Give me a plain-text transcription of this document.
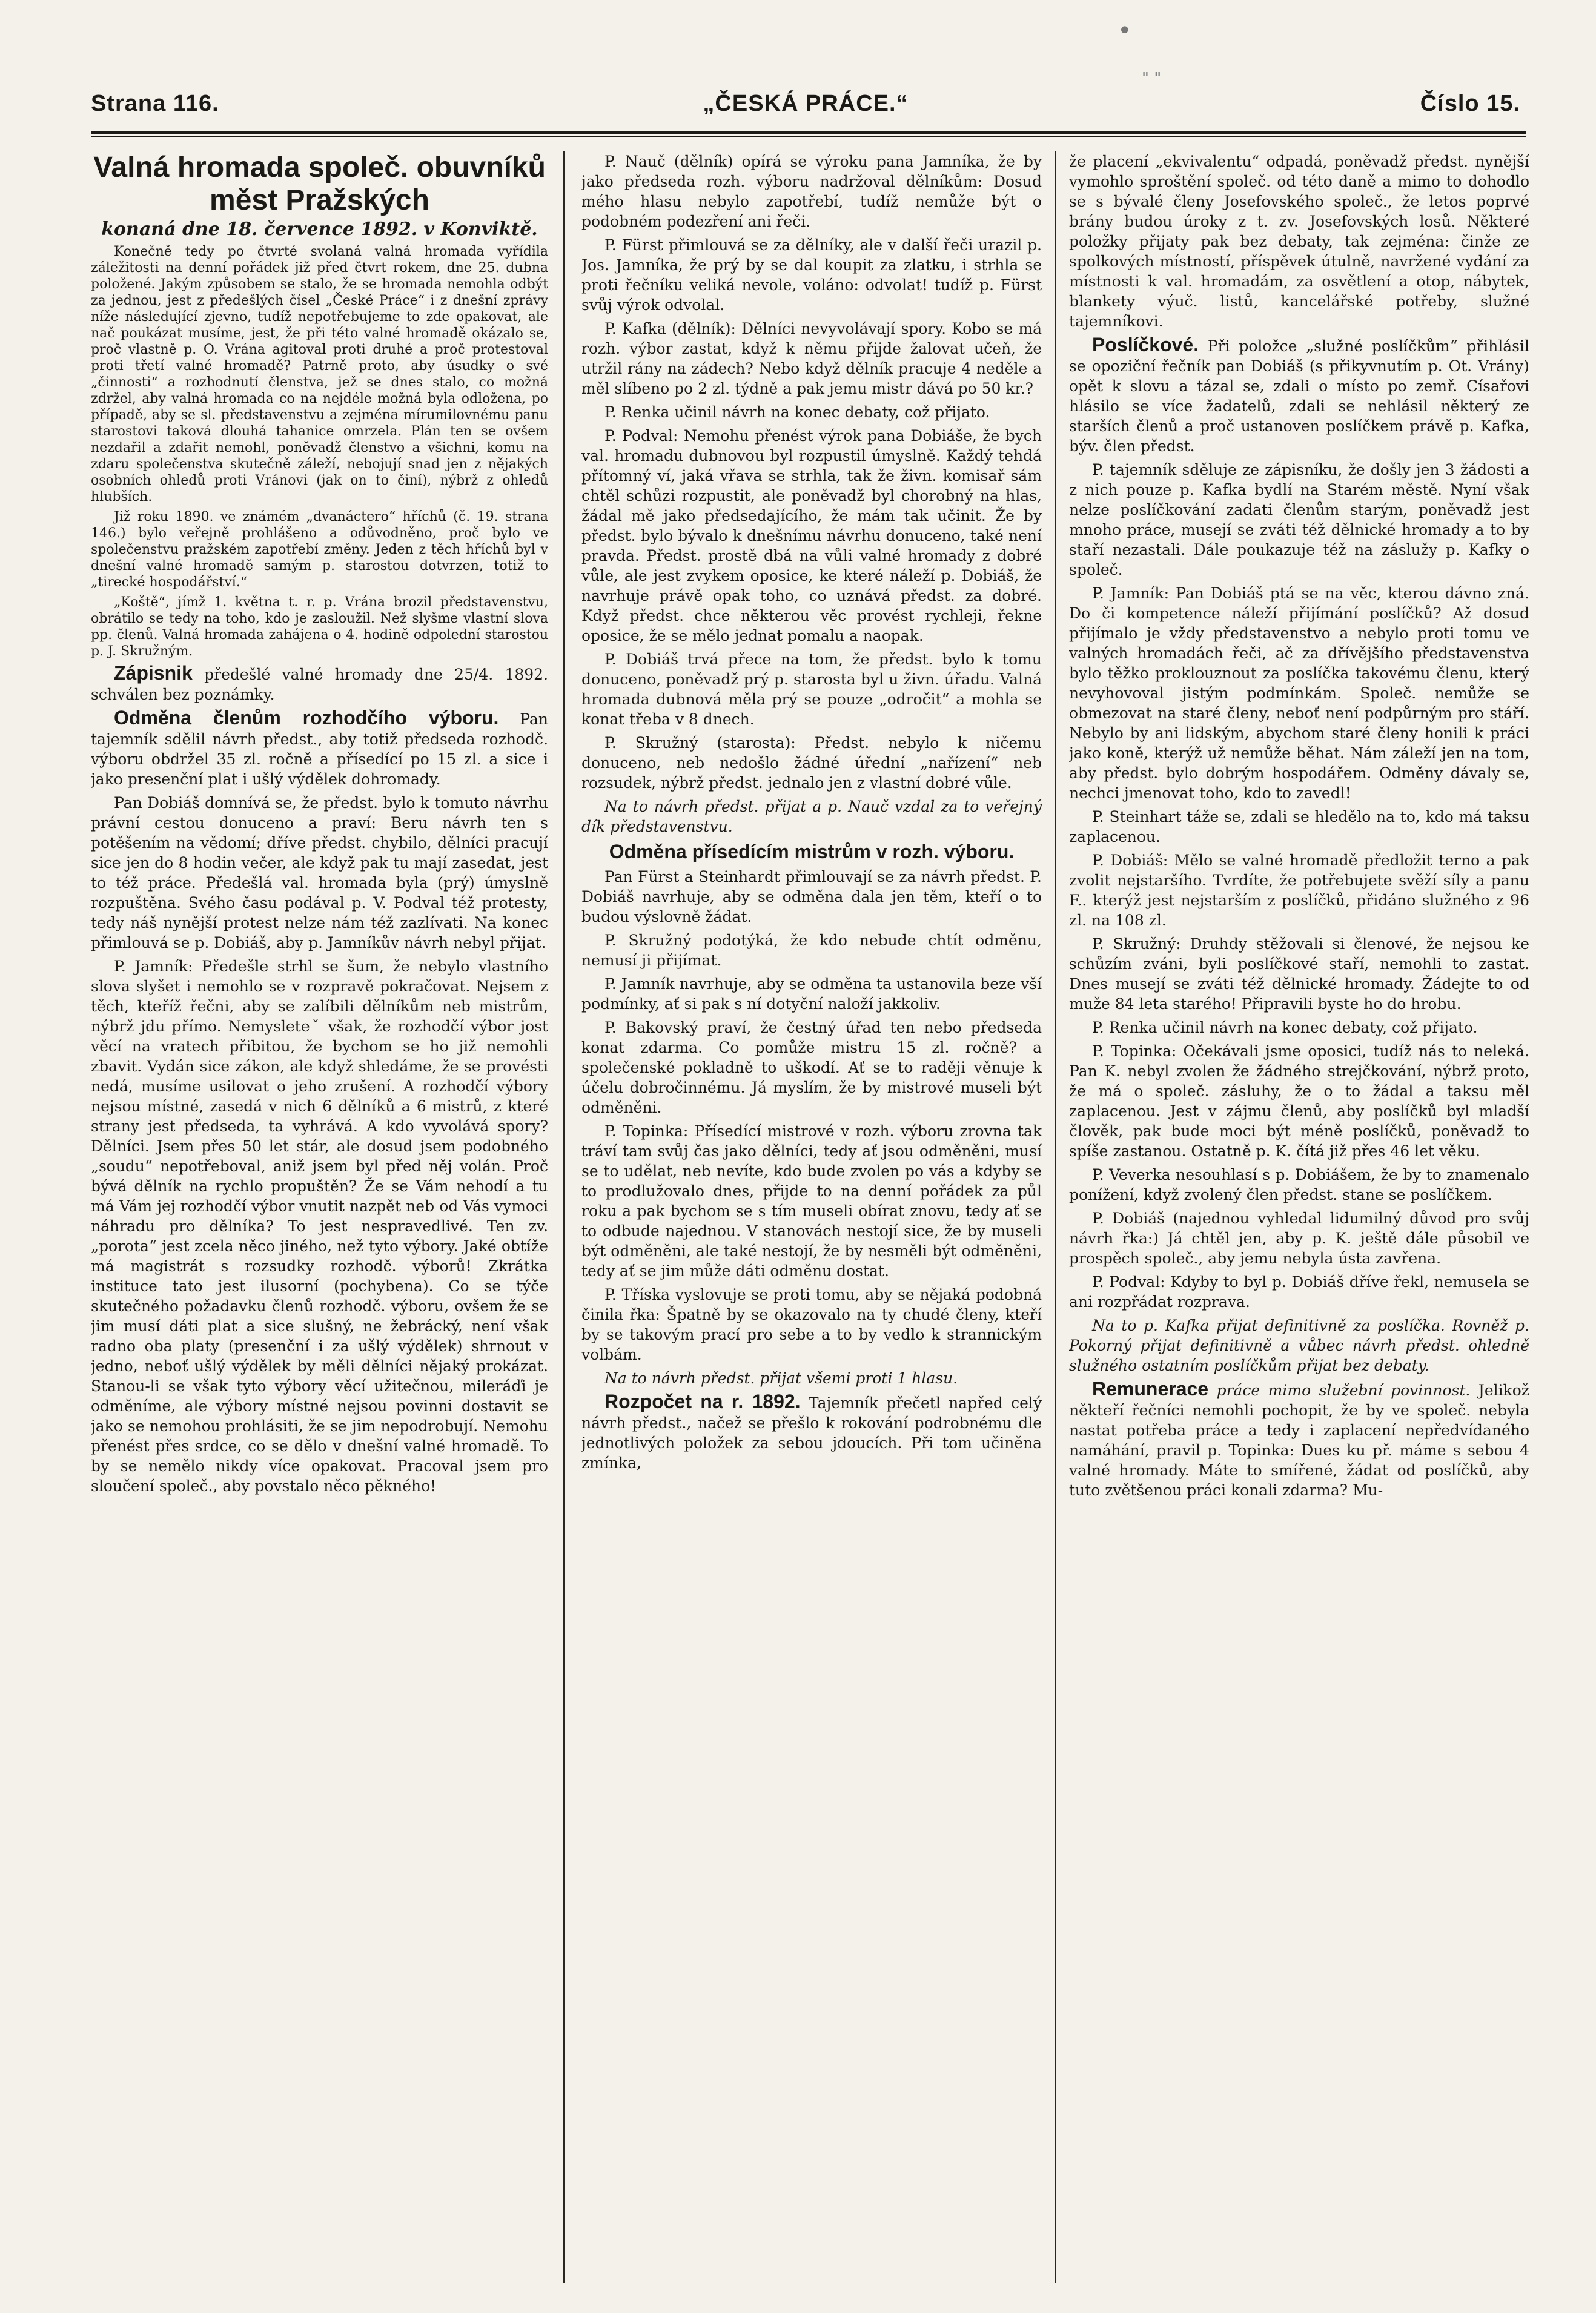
•
" "
Strana 116.	„ČESKÁ PRÁCE.“	Číslo 15.
Valná hromada společ. obuvníků měst Pražských
konaná dne 18. července 1892. v Konviktě.

Konečně tedy po čtvrté svolaná valná hromada vyřídila záležitosti na denní pořádek již před čtvrt rokem, dne 25. dubna položené. Jakým způsobem se stalo, že se hromada nemohla odbýt za jednou, jest z předešlých čísel „České Práce“ i z dnešní zprávy níže následující zjevno, tudíž nepotřebujeme to zde opakovat, ale nač poukázat musíme, jest, že při této valné hromadě okázalo se, proč vlastně p. O. Vrána agitoval proti druhé a proč protestoval proti třetí valné hromadě? Patrně proto, aby úsudky o své „činnosti“ a rozhodnutí členstva, jež se dnes stalo, co možná zdržel, aby valná hromada co na nejdéle možná byla odložena, po případě, aby se sl. představenstvu a zejména mírumilovnému panu starostovi taková dlouhá tahanice omrzela. Plán ten se ovšem nezdařil a zdařit nemohl, poněvadž členstvo a všichni, komu na zdaru společenstva skutečně záleží, nebojují snad jen z nějakých osobních ohledů proti Vránovi (jak on to činí), nýbrž z ohledů hlubších.

Již roku 1890. ve známém „dvanáctero“ hříchů (č. 19. strana 146.) bylo veřejně prohlášeno a odůvodněno, proč bylo ve společenstvu pražském zapotřebí změny. Jeden z těch hříchů byl v dnešní valné hromadě samým p. starostou dotvrzen, totiž to „tirecké hospodářství.“

„Koště“, jímž 1. května t. r. p. Vrána brozil představenstvu, obrátilo se tedy na toho, kdo je zasloužil. Než slyšme vlastní slova pp. členů. Valná hromada zahájena o 4. hodině odpolední starostou p. J. Skružným.

Zápisnik předešlé valné hromady dne 25/4. 1892. schválen bez poznámky.

Odměna členům rozhodčího výboru. Pan tajemník sdělil návrh předst., aby totiž předseda rozhodč. výboru obdržel 35 zl. ročně a přísedící po 15 zl. a sice i jako presenční plat i ušlý výdělek dohromady.

Pan Dobiáš domnívá se, že předst. bylo k tomuto návrhu právní cestou donuceno a praví: Beru návrh ten s potěšením na vědomí; dříve předst. chybilo, dělníci pracují sice jen do 8 hodin večer, ale když pak tu mají zasedat, jest to též práce. Předešlá val. hromada byla (prý) úmyslně rozpuštěna. Svého času podával p. V. Podval též protesty, tedy náš nynější protest nelze nám též zazlívati. Na konec přimlouvá se p. Dobiáš, aby p. Jamníkův návrh nebyl přijat.

P. Jamník: Předešle strhl se šum, že nebylo vlastního slova slyšet i nemohlo se v rozpravě pokračovat. Nejsem z těch, kteříž řečni, aby se zalíbili dělníkům neb mistrům, nýbrž jdu přímo. Nemysleteˇ však, že rozhodčí výbor jost věcí na vratech přibitou, že bychom se ho již nemohli zbavit. Vydán sice zákon, ale když shledáme, že se provésti nedá, musíme usilovat o jeho zrušení. A rozhodčí výbory nejsou místné, zasedá v nich 6 dělníků a 6 mistrů, z které strany jest předseda, ta vyhrává. A kdo vyvolává spory? Dělníci. Jsem přes 50 let stár, ale dosud jsem podobného „soudu“ nepotřeboval, aniž jsem byl před něj volán. Proč bývá dělník na rychlo propuštěn? Že se Vám nehodí a tu má Vám jej rozhodčí výbor vnutit nazpět neb od Vás vymoci náhradu pro dělníka? To jest nespravedlivé. Ten zv. „porota“ jest zcela něco jiného, než tyto výbory. Jaké obtíže má magistrát s rozsudky rozhodč. výborů! Zkrátka instituce tato jest ilusorní (pochybena). Co se týče skutečného požadavku členů rozhodč. výboru, ovšem že se jim musí dáti plat a sice slušný, ne žebrácký, není však radno oba platy (presenční i za ušlý výdělek) shrnout v jedno, neboť ušlý výdělek by měli dělníci nějaký prokázat. Stanou-li se však tyto výbory věcí užitečnou, mileráďi je odměníme, ale výbory místné nejsou povinni dostavit se jako se nemohou prohlásiti, že se jim nepodrobují. Nemohu přenést přes srdce, co se dělo v dnešní valné hromadě. To by se nemělo nikdy více opakovat. Pracoval jsem pro sloučení společ., aby povstalo něco pěkného!

P. Nauč (dělník) opírá se výroku pana Jamníka, že by jako předseda rozh. výboru nadržoval dělníkům: Dosud mého hlasu nebylo zapotřebí, tudíž nemůže být o podobném podezření ani řeči.

P. Fürst přimlouvá se za dělníky, ale v další řeči urazil p. Jos. Jamníka, že prý by se dal koupit za zlatku, i strhla se proti řečníku veliká nevole, voláno: odvolat! tudíž p. Fürst svůj výrok odvolal.

P. Kafka (dělník): Dělníci nevyvolávají spory. Kobo se má rozh. výbor zastat, když k němu přijde žalovat učeň, že utržil rány na zádech? Nebo když dělník pracuje 4 neděle a měl slíbeno po 2 zl. týdně a pak jemu mistr dává po 50 kr.?

P. Renka učinil návrh na konec debaty, což přijato.

P. Podval: Nemohu přenést výrok pana Dobiáše, že bych val. hromadu dubnovou byl rozpustil úmyslně. Každý tehdá přítomný ví, jaká vřava se strhla, tak že živn. komisař sám chtěl schůzi rozpustit, ale poněvadž byl chorobný na hlas, žádal mě jako předsedajícího, že mám tak učinit. Že by předst. bylo bývalo k dnešnímu návrhu donuceno, také není pravda. Předst. prostě dbá na vůli valné hromady z dobré vůle, ale jest zvykem oposice, ke které náleží p. Dobiáš, že navrhuje právě opak toho, co uznává předst. za dobré. Když předst. chce některou věc provést rychleji, řekne oposice, že se mělo jednat pomalu a naopak.

P. Dobiáš trvá přece na tom, že předst. bylo k tomu donuceno, poněvadž prý p. starosta byl u živn. úřadu. Valná hromada dubnová měla prý se pouze „odročit“ a mohla se konat třeba v 8 dnech.

P. Skružný (starosta): Předst. nebylo k ničemu donuceno, neb nedošlo žádné úřední „nařízení“ neb rozsudek, nýbrž předst. jednalo jen z vlastní dobré vůle.

Na to návrh předst. přijat a p. Nauč vzdal za to veřejný dík představenstvu.

Odměna přísedícím mistrům v rozh. výboru.

Pan Fürst a Steinhardt přimlouvají se za návrh předst. P. Dobiáš navrhuje, aby se odměna dala jen těm, kteří o to budou výslovně žádat.

P. Skružný podotýká, že kdo nebude chtít odměnu, nemusí ji přijímat.

P. Jamník navrhuje, aby se odměna ta ustanovila beze vší podmínky, ať si pak s ní dotyční naloží jakkoliv.

P. Bakovský praví, že čestný úřad ten nebo předseda konat zdarma. Co pomůže mistru 15 zl. ročně? a společenské pokladně to uškodí. Ať se to raději věnuje k účelu dobročinnému. Já myslím, že by mistrové museli být odměněni.

P. Topinka: Přísedící mistrové v rozh. výboru zrovna tak tráví tam svůj čas jako dělníci, tedy ať jsou odměněni, musí se to udělat, neb nevíte, kdo bude zvolen po vás a kdyby se to prodlužovalo dnes, přijde to na denní pořádek za půl roku a pak bychom se s tím museli obírat znovu, tedy ať se to odbude najednou. V stanovách nestojí sice, že by museli být odměněni, ale také nestojí, že by nesměli být odměněni, tedy ať se jim může dáti odměnu dostat.

P. Tříska vyslovuje se proti tomu, aby se nějaká podobná činila řka: Špatně by se okazovalo na ty chudé členy, kteří by se takovým prací pro sebe a to by vedlo k strannickým volbám.

Na to návrh předst. přijat všemi proti 1 hlasu.

Rozpočet na r. 1892. Tajemník přečetl napřed celý návrh předst., načež se přešlo k rokování podrobnému dle jednotlivých položek za sebou jdoucích. Při tom učiněna zmínka,

že placení „ekvivalentu“ odpadá, poněvadž předst. nynější vymohlo sproštění společ. od této daně a mimo to dohodlo se s bývalé členy Josefovského společ., že letos poprvé brány budou úroky z t. zv. Josefovských losů. Některé položky přijaty pak bez debaty, tak zejména: činže ze spolkových místností, příspěvek útulně, navržené vydání za místnosti k val. hromadám, za osvětlení a otop, nábytek, blankety výuč. listů, kancelářské potřeby, služné tajemníkovi.

Poslíčkové. Při položce „služné poslíčkům“ přihlásil se opoziční řečník pan Dobiáš (s přikyvnutím p. Ot. Vrány) opět k slovu a tázal se, zdali o místo po zemř. Císařovi hlásilo se více žadatelů, zdali se nehlásil některý ze starších členů a proč ustanoven poslíčkem právě p. Kafka, býv. člen předst.

P. tajemník sděluje ze zápisníku, že došly jen 3 žádosti a z nich pouze p. Kafka bydlí na Starém městě. Nyní však nelze poslíčkování zadati členům starým, poněvadž jest mnoho práce, musejí se zváti též dělnické hromady a to by staří nezastali. Dále poukazuje též na záslužy p. Kafky o společ.

P. Jamník: Pan Dobiáš ptá se na věc, kterou dávno zná. Do či kompetence náleží přijímání poslíčků? Až dosud přijímalo je vždy představenstvo a nebylo proti tomu ve valných hromadách řeči, ač za dřívějšího představenstva bylo těžko proklouznout za poslíčka takovému členu, který nevyhovoval jistým podmínkám. Společ. nemůže se obmezovat na staré členy, neboť není podpůrným pro stáří. Nebylo by ani lidským, abychom staré členy honili k práci jako koně, kterýž už nemůže běhat. Nám záleží jen na tom, aby předst. bylo dobrým hospodářem. Odměny dávaly se, nechci jmenovat toho, kdo to zavedl!

P. Steinhart táže se, zdali se hledělo na to, kdo má taksu zaplacenou.

P. Dobiáš: Mělo se valné hromadě předložit terno a pak zvolit nejstaršího. Tvrdíte, že potřebujete svěží síly a panu F.. kterýž jest nejstarším z poslíčků, přidáno služného z 96 zl. na 108 zl.

P. Skružný: Druhdy stěžovali si členové, že nejsou ke schůzím zváni, byli poslíčkové staří, nemohli to zastat. Dnes musejí se zváti též dělnické hromady. Žádejte to od muže 84 leta starého! Připravili byste ho do hrobu.

P. Renka učinil návrh na konec debaty, což přijato.

P. Topinka: Očekávali jsme oposici, tudíž nás to neleká. Pan K. nebyl zvolen že žádného strejčkování, nýbrž proto, že má o společ. zásluhy, že o to žádal a taksu měl zaplacenou. Jest v zájmu členů, aby poslíčků byl mladší člověk, pak bude moci být méně poslíčků, poněvadž to spíše zastanou. Ostatně p. K. čítá již přes 46 let věku.

P. Veverka nesouhlasí s p. Dobiášem, že by to znamenalo ponížení, když zvolený člen předst. stane se poslíčkem.

P. Dobiáš (najednou vyhledal lidumilný důvod pro svůj návrh řka:) Já chtěl jen, aby p. K. ještě dále působil ve prospěch společ., aby jemu nebyla ústa zavřena.

P. Podval: Kdyby to byl p. Dobiáš dříve řekl, nemusela se ani rozpřádat rozprava.

Na to p. Kafka přijat definitivně za poslíčka. Rovněž p. Pokorný přijat definitivně a vůbec návrh předst. ohledně služného ostatním poslíčkům přijat bez debaty.

Remunerace práce mimo služební povinnost. Jelikož někteří řečníci nemohli pochopit, že by ve společ. nebyla nastat potřeba práce a tedy i zaplacení nepředvídaného namáhání, pravil p. Topinka: Dues ku př. máme s sebou 4 valné hromady. Máte to smířené, žádat od poslíčků, aby tuto zvětšenou práci konali zdarma? Mu-
